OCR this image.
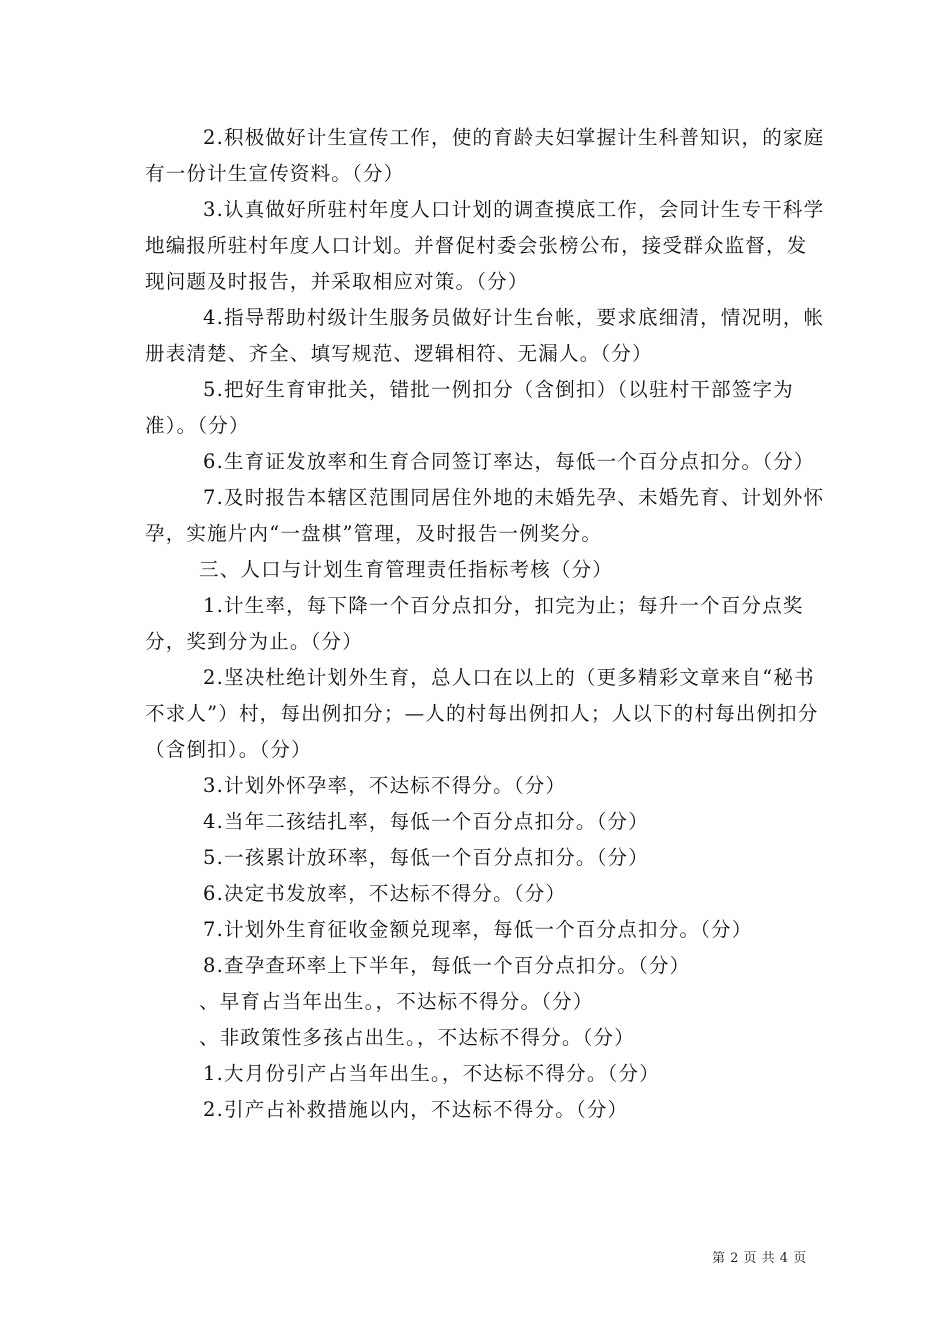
2.积极做好计生宣传工作，使的育龄夫妇掌握计生科普知识，的家庭有一份计生宣传资料。（分）

3.认真做好所驻村年度人口计划的调查摸底工作，会同计生专干科学地编报所驻村年度人口计划。并督促村委会张榜公布，接受群众监督，发现问题及时报告，并采取相应对策。（分）

4.指导帮助村级计生服务员做好计生台帐，要求底细清，情况明，帐册表清楚、齐全、填写规范、逻辑相符、无漏人。（分）

5.把好生育审批关，错批一例扣分（含倒扣）（以驻村干部签字为准）。（分）

6.生育证发放率和生育合同签订率达，每低一个百分点扣分。（分）

7.及时报告本辖区范围同居住外地的未婚先孕、未婚先育、计划外怀孕，实施片内“一盘棋”管理，及时报告一例奖分。

三、人口与计划生育管理责任指标考核（分）

1.计生率，每下降一个百分点扣分，扣完为止；每升一个百分点奖分，奖到分为止。（分）

2.坚决杜绝计划外生育，总人口在以上的（更多精彩文章来自“秘书不求人”）村，每出例扣分；—人的村每出例扣人；人以下的村每出例扣分（含倒扣）。（分）

3.计划外怀孕率，不达标不得分。（分）

4.当年二孩结扎率，每低一个百分点扣分。（分）

5.一孩累计放环率，每低一个百分点扣分。（分）

6.决定书发放率，不达标不得分。（分）

7.计划外生育征收金额兑现率，每低一个百分点扣分。（分）

8.查孕查环率上下半年，每低一个百分点扣分。（分）

、早育占当年出生。，不达标不得分。（分）

、非政策性多孩占出生。，不达标不得分。（分）

1.大月份引产占当年出生。，不达标不得分。（分）

2.引产占补救措施以内，不达标不得分。（分）

第 2 页 共 4 页
